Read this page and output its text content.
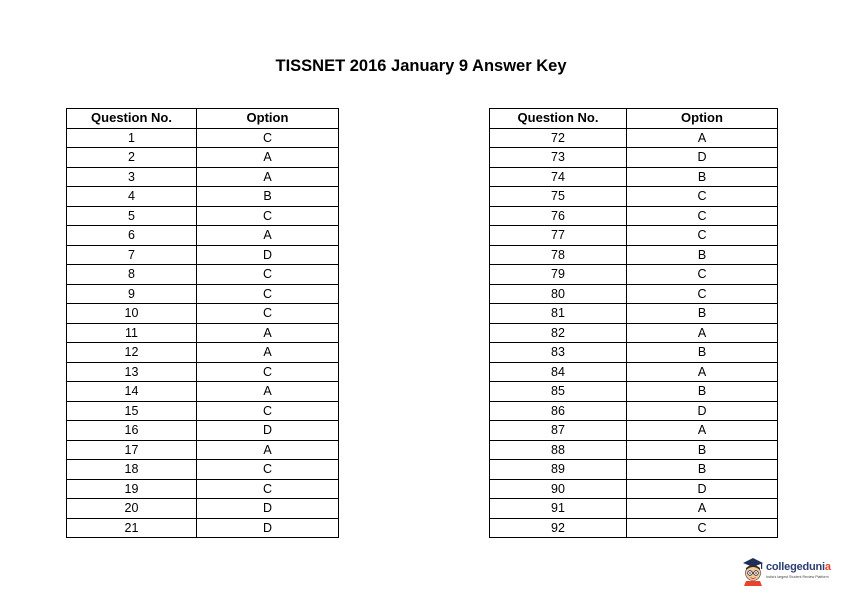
TISSNET 2016 January 9 Answer Key
Question No.	Option
1	C
2	A
3	A
4	B
5	C
6	A
7	D
8	C
9	C
10	C
11	A
12	A
13	C
14	A
15	C
16	D
17	A
18	C
19	C
20	D
21	D
Question No.	Option
72	A
73	D
74	B
75	C
76	C
77	C
78	B
79	C
80	C
81	B
82	A
83	B
84	A
85	B
86	D
87	A
88	B
89	B
90	D
91	A
92	C
collegedunia
India's largest Student Review Platform
